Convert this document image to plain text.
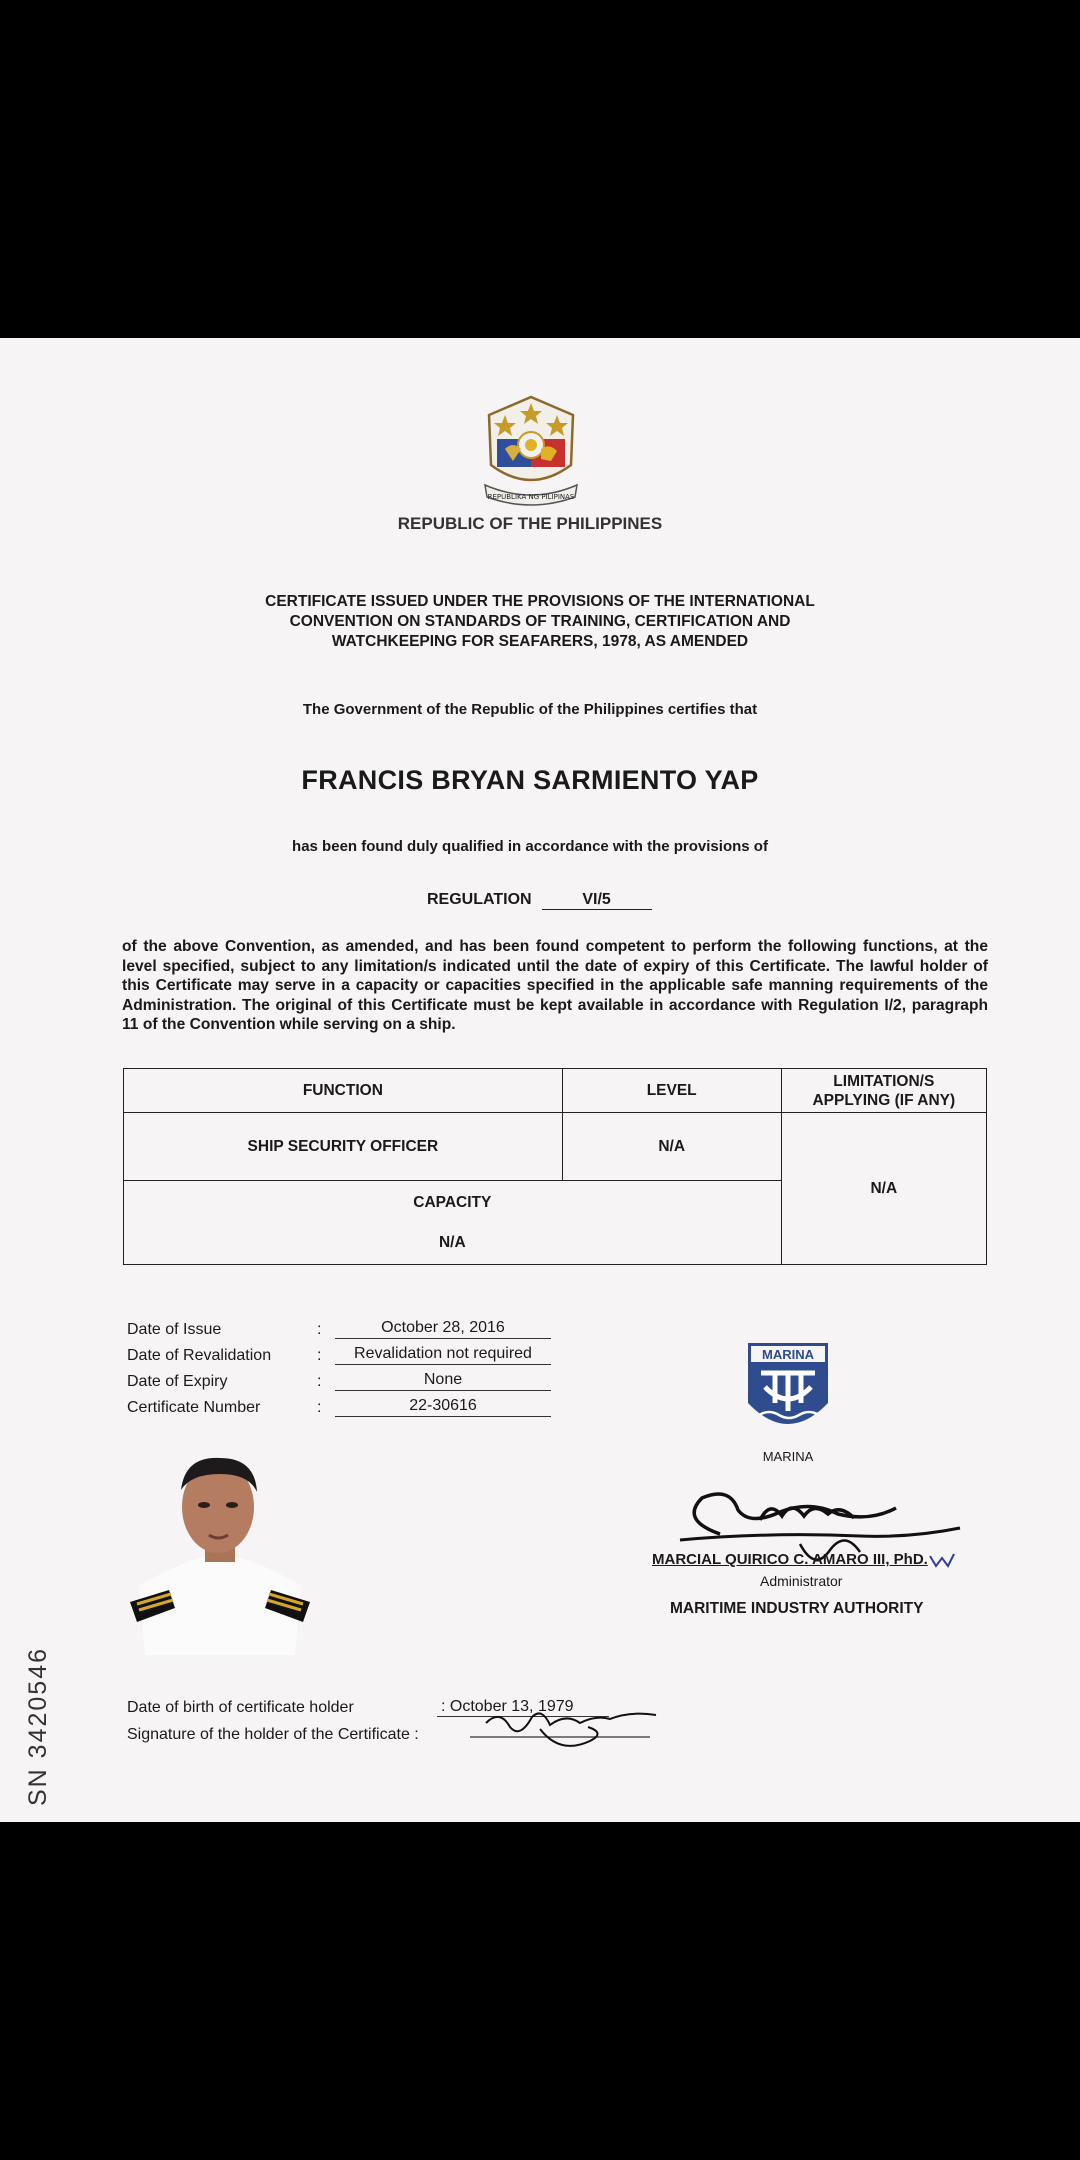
REPUBLIKA NG PILIPINAS
REPUBLIC OF THE PHILIPPINES
CERTIFICATE ISSUED UNDER THE PROVISIONS OF THE INTERNATIONAL CONVENTION ON STANDARDS OF TRAINING, CERTIFICATION AND WATCHKEEPING FOR SEAFARERS, 1978, AS AMENDED
The Government of the Republic of the Philippines certifies that
FRANCIS BRYAN SARMIENTO YAP
has been found duly qualified in accordance with the provisions of
REGULATION	VI/5
of the above Convention, as amended, and has been found competent to perform the following functions, at the level specified, subject to any limitation/s indicated until the date of expiry of this Certificate. The lawful holder of this Certificate may serve in a capacity or capacities specified in the applicable safe manning requirements of the Administration. The original of this Certificate must be kept available in accordance with Regulation I/2, paragraph 11 of the Convention while serving on a ship.
FUNCTION	LEVEL	LIMITATION/S
APPLYING (IF ANY)
SHIP SECURITY OFFICER	N/A	N/A

CAPACITY
N/A		
Date of Issue	:	October 28, 2016
Date of Revalidation	:	Revalidation not required
Date of Expiry	:	None
Certificate Number	:	22-30616
MARINA
MARINA
MARCIAL QUIRICO C. AMARO III, PhD.
Administrator
MARITIME INDUSTRY AUTHORITY
SN 3420546	Date of birth of certificate holder	: October 13, 1979
Signature of the holder of the Certificate :
